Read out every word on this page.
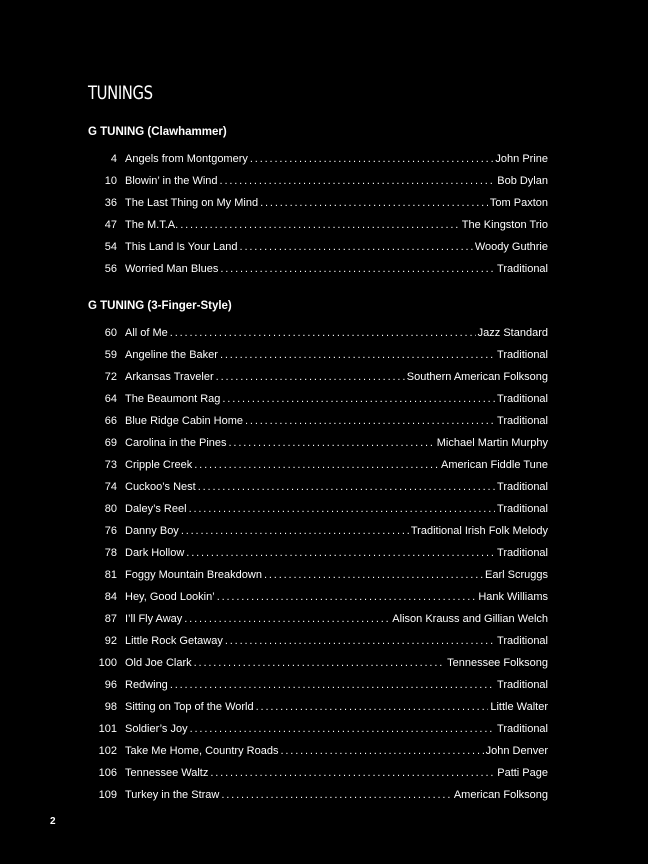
TUNINGS
G TUNING (Clawhammer)
4 Angels from Montgomery . . .	John Prine
10 Blowin’ in the Wind . . .	Bob Dylan
36 The Last Thing on My Mind . . .	Tom Paxton
47 The M.T.A. . . .	The Kingston Trio
54 This Land Is Your Land . . .	Woody Guthrie
56 Worried Man Blues . . .	Traditional
G TUNING (3-Finger-Style)
60 All of Me . . .	Jazz Standard
59 Angeline the Baker . . .	Traditional
72 Arkansas Traveler . . .	Southern American Folksong
64 The Beaumont Rag . . .	Traditional
66 Blue Ridge Cabin Home . . .	Traditional
69 Carolina in the Pines . . .	Michael Martin Murphy
73 Cripple Creek . . .	American Fiddle Tune
74 Cuckoo’s Nest . . .	Traditional
80 Daley’s Reel . . .	Traditional
76 Danny Boy . . .	Traditional Irish Folk Melody
78 Dark Hollow . . .	Traditional
81 Foggy Mountain Breakdown . . .	Earl Scruggs
84 Hey, Good Lookin’ . . .	Hank Williams
87 I’ll Fly Away . . .	Alison Krauss and Gillian Welch
92 Little Rock Getaway . . .	Traditional
100 Old Joe Clark . . .	Tennessee Folksong
96 Redwing . . .	Traditional
98 Sitting on Top of the World . . .	Little Walter
101 Soldier’s Joy . . .	Traditional
102 Take Me Home, Country Roads . . .	John Denver
106 Tennessee Waltz . . .	Patti Page
109 Turkey in the Straw . . .	American Folksong
2
